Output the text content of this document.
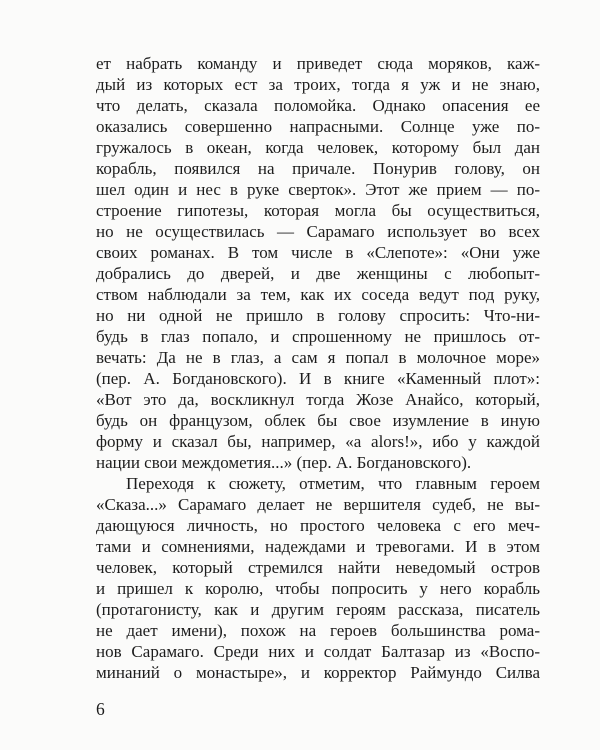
ет набрать команду и приведет сюда моряков, каж-
дый из которых ест за троих, тогда я уж и не знаю,
что делать, сказала поломойка. Однако опасения ее
оказались совершенно напрасными. Солнце уже по-
гружалось в океан, когда человек, которому был дан
корабль, появился на причале. Понурив голову, он
шел один и нес в руке сверток». Этот же прием — по-
строение гипотезы, которая могла бы осуществиться,
но не осуществилась — Сарамаго использует во всех
своих романах. В том числе в «Слепоте»: «Они уже
добрались до дверей, и две женщины с любопыт-
ством наблюдали за тем, как их соседа ведут под руку,
но ни одной не пришло в голову спросить: Что-ни-
будь в глаз попало, и спрошенному не пришлось от-
вечать: Да не в глаз, а сам я попал в молочное море»
(пер. А. Богдановского). И в книге «Каменный плот»:
«Вот это да, воскликнул тогда Жозе Анайсо, который,
будь он французом, облек бы свое изумление в иную
форму и сказал бы, например, «a alors!», ибо у каждой
нации свои междометия...» (пер. А. Богдановского).
Переходя к сюжету, отметим, что главным героем
«Сказа...» Сарамаго делает не вершителя судеб, не вы-
дающуюся личность, но простого человека с его меч-
тами и сомнениями, надеждами и тревогами. И в этом
человек, который стремился найти неведомый остров
и пришел к королю, чтобы попросить у него корабль
(протагонисту, как и другим героям рассказа, писатель
не дает имени), похож на героев большинства рома-
нов Сарамаго. Среди них и солдат Балтазар из «Воспо-
минаний о монастыре», и корректор Раймундо Силва
6
